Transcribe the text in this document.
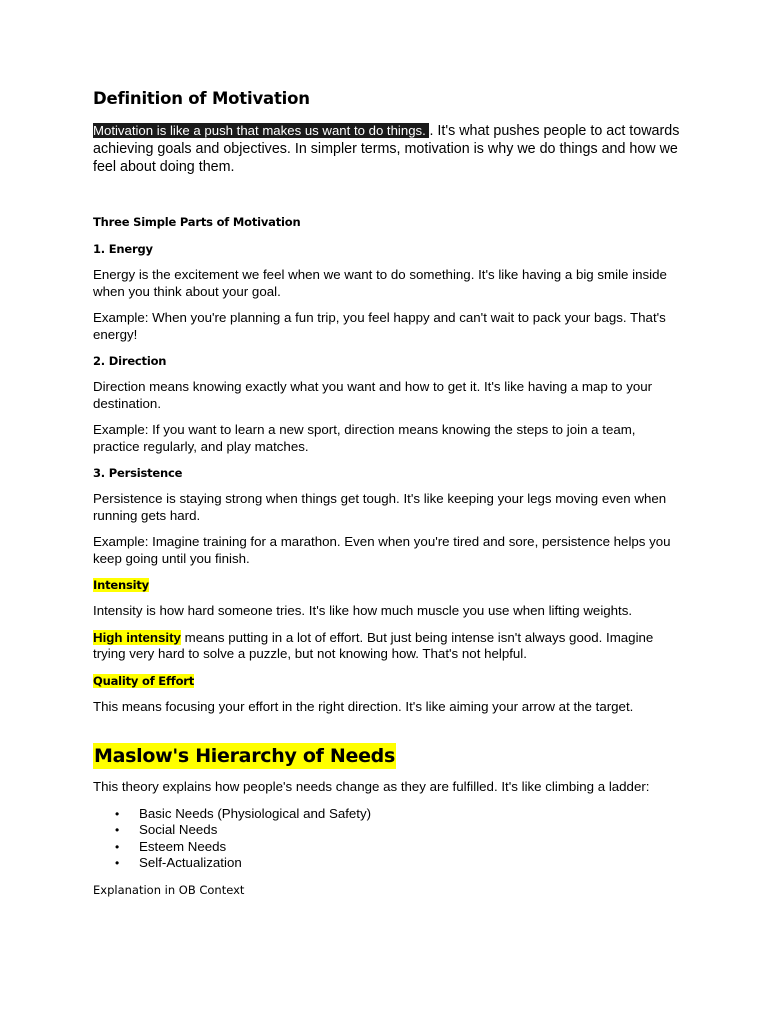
Definition of Motivation

Motivation is like a push that makes us want to do things. . It's what pushes people to act towards achieving goals and objectives. In simpler terms, motivation is why we do things and how we feel about doing them.

Three Simple Parts of Motivation

1. Energy

Energy is the excitement we feel when we want to do something. It's like having a big smile inside when you think about your goal.

Example: When you're planning a fun trip, you feel happy and can't wait to pack your bags. That's energy!

2. Direction

Direction means knowing exactly what you want and how to get it. It's like having a map to your destination.

Example: If you want to learn a new sport, direction means knowing the steps to join a team, practice regularly, and play matches.

3. Persistence

Persistence is staying strong when things get tough. It's like keeping your legs moving even when running gets hard.

Example: Imagine training for a marathon. Even when you're tired and sore, persistence helps you keep going until you finish.

Intensity

Intensity is how hard someone tries. It's like how much muscle you use when lifting weights.

High intensity means putting in a lot of effort. But just being intense isn't always good. Imagine trying very hard to solve a puzzle, but not knowing how. That's not helpful.

Quality of Effort

This means focusing your effort in the right direction. It's like aiming your arrow at the target.

Maslow's Hierarchy of Needs

This theory explains how people's needs change as they are fulfilled. It's like climbing a ladder:

• Basic Needs (Physiological and Safety)
• Social Needs
• Esteem Needs
• Self-Actualization

Explanation in OB Context
